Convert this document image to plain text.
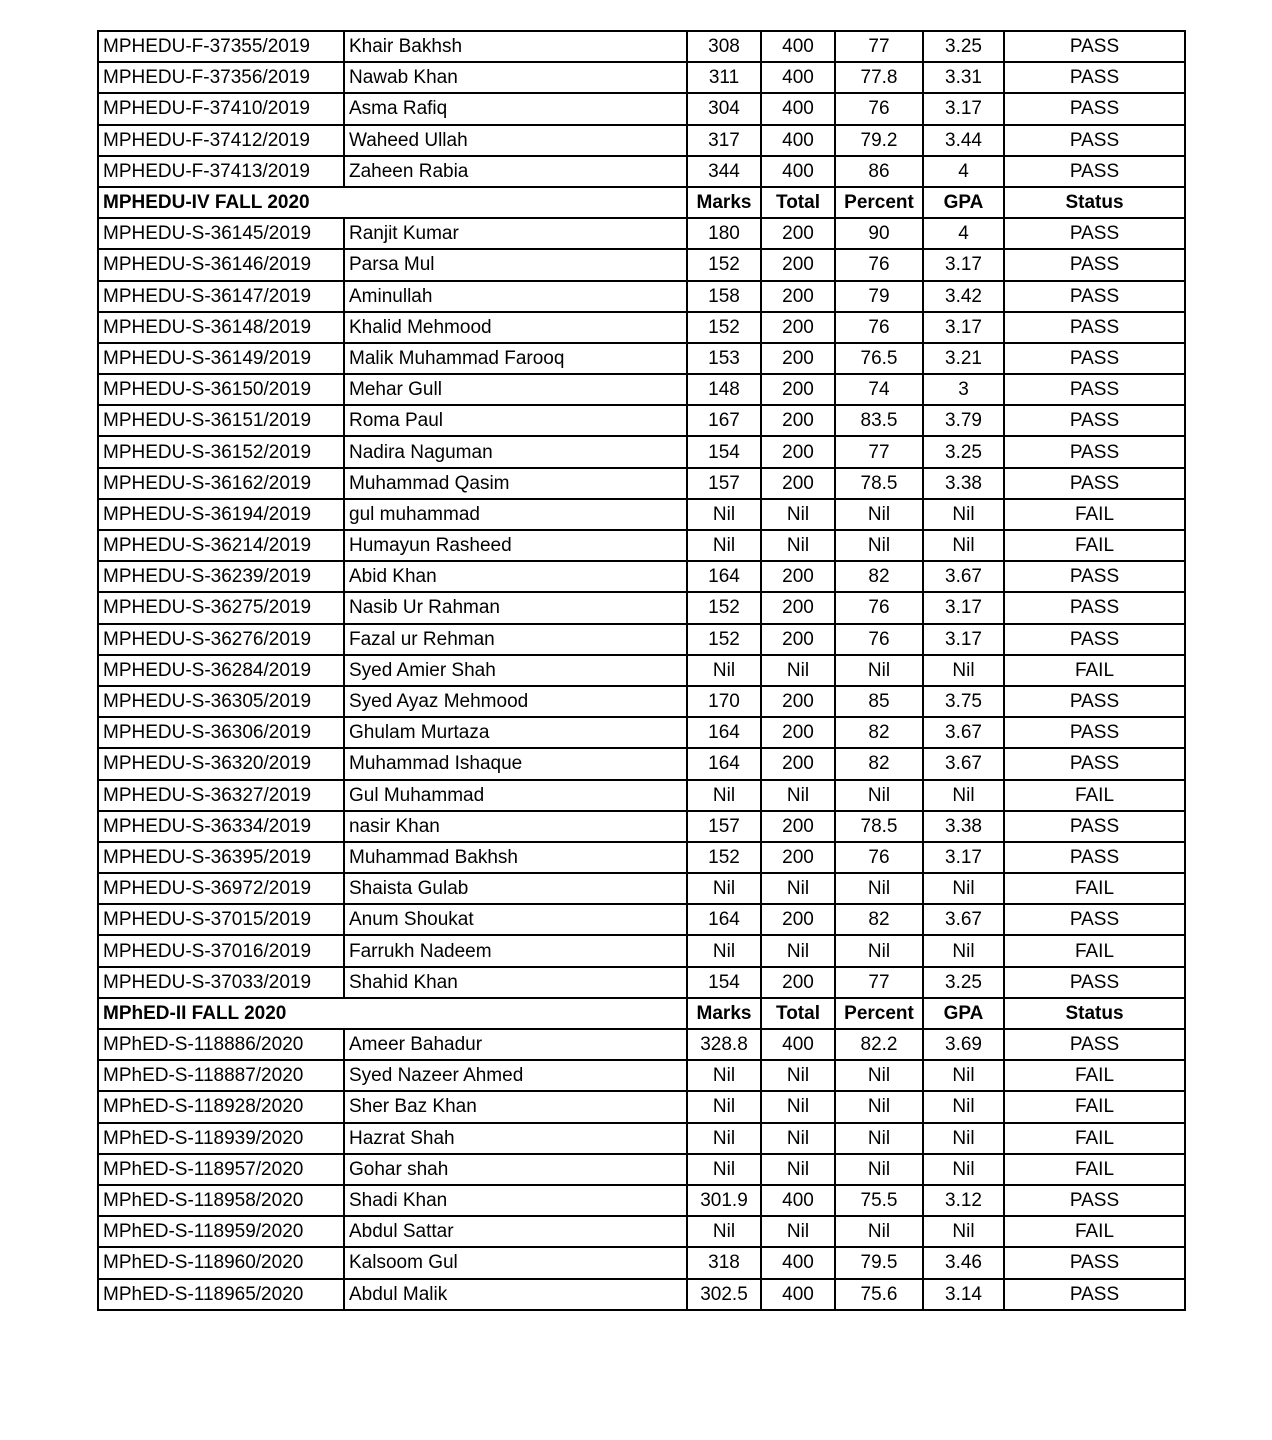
MPHEDU-F-37355/2019	Khair Bakhsh	308	400	77	3.25	PASS
MPHEDU-F-37356/2019	Nawab Khan	311	400	77.8	3.31	PASS
MPHEDU-F-37410/2019	Asma Rafiq	304	400	76	3.17	PASS
MPHEDU-F-37412/2019	Waheed Ullah	317	400	79.2	3.44	PASS
MPHEDU-F-37413/2019	Zaheen Rabia	344	400	86	4	PASS
MPHEDU-IV FALL 2020		Marks	Total	Percent	GPA	Status
MPHEDU-S-36145/2019	Ranjit Kumar	180	200	90	4	PASS
MPHEDU-S-36146/2019	Parsa Mul	152	200	76	3.17	PASS
MPHEDU-S-36147/2019	Aminullah	158	200	79	3.42	PASS
MPHEDU-S-36148/2019	Khalid Mehmood	152	200	76	3.17	PASS
MPHEDU-S-36149/2019	Malik Muhammad Farooq	153	200	76.5	3.21	PASS
MPHEDU-S-36150/2019	Mehar Gull	148	200	74	3	PASS
MPHEDU-S-36151/2019	Roma Paul	167	200	83.5	3.79	PASS
MPHEDU-S-36152/2019	Nadira Naguman	154	200	77	3.25	PASS
MPHEDU-S-36162/2019	Muhammad Qasim	157	200	78.5	3.38	PASS
MPHEDU-S-36194/2019	gul muhammad	Nil	Nil	Nil	Nil	FAIL
MPHEDU-S-36214/2019	Humayun Rasheed	Nil	Nil	Nil	Nil	FAIL
MPHEDU-S-36239/2019	Abid Khan	164	200	82	3.67	PASS
MPHEDU-S-36275/2019	Nasib Ur Rahman	152	200	76	3.17	PASS
MPHEDU-S-36276/2019	Fazal ur Rehman	152	200	76	3.17	PASS
MPHEDU-S-36284/2019	Syed Amier Shah	Nil	Nil	Nil	Nil	FAIL
MPHEDU-S-36305/2019	Syed Ayaz Mehmood	170	200	85	3.75	PASS
MPHEDU-S-36306/2019	Ghulam Murtaza	164	200	82	3.67	PASS
MPHEDU-S-36320/2019	Muhammad Ishaque	164	200	82	3.67	PASS
MPHEDU-S-36327/2019	Gul Muhammad	Nil	Nil	Nil	Nil	FAIL
MPHEDU-S-36334/2019	nasir Khan	157	200	78.5	3.38	PASS
MPHEDU-S-36395/2019	Muhammad Bakhsh	152	200	76	3.17	PASS
MPHEDU-S-36972/2019	Shaista Gulab	Nil	Nil	Nil	Nil	FAIL
MPHEDU-S-37015/2019	Anum Shoukat	164	200	82	3.67	PASS
MPHEDU-S-37016/2019	Farrukh Nadeem	Nil	Nil	Nil	Nil	FAIL
MPHEDU-S-37033/2019	Shahid Khan	154	200	77	3.25	PASS
MPhED-II FALL 2020		Marks	Total	Percent	GPA	Status
MPhED-S-118886/2020	Ameer Bahadur	328.8	400	82.2	3.69	PASS
MPhED-S-118887/2020	Syed Nazeer Ahmed	Nil	Nil	Nil	Nil	FAIL
MPhED-S-118928/2020	Sher Baz Khan	Nil	Nil	Nil	Nil	FAIL
MPhED-S-118939/2020	Hazrat Shah	Nil	Nil	Nil	Nil	FAIL
MPhED-S-118957/2020	Gohar shah	Nil	Nil	Nil	Nil	FAIL
MPhED-S-118958/2020	Shadi Khan	301.9	400	75.5	3.12	PASS
MPhED-S-118959/2020	Abdul Sattar	Nil	Nil	Nil	Nil	FAIL
MPhED-S-118960/2020	Kalsoom Gul	318	400	79.5	3.46	PASS
MPhED-S-118965/2020	Abdul Malik	302.5	400	75.6	3.14	PASS
